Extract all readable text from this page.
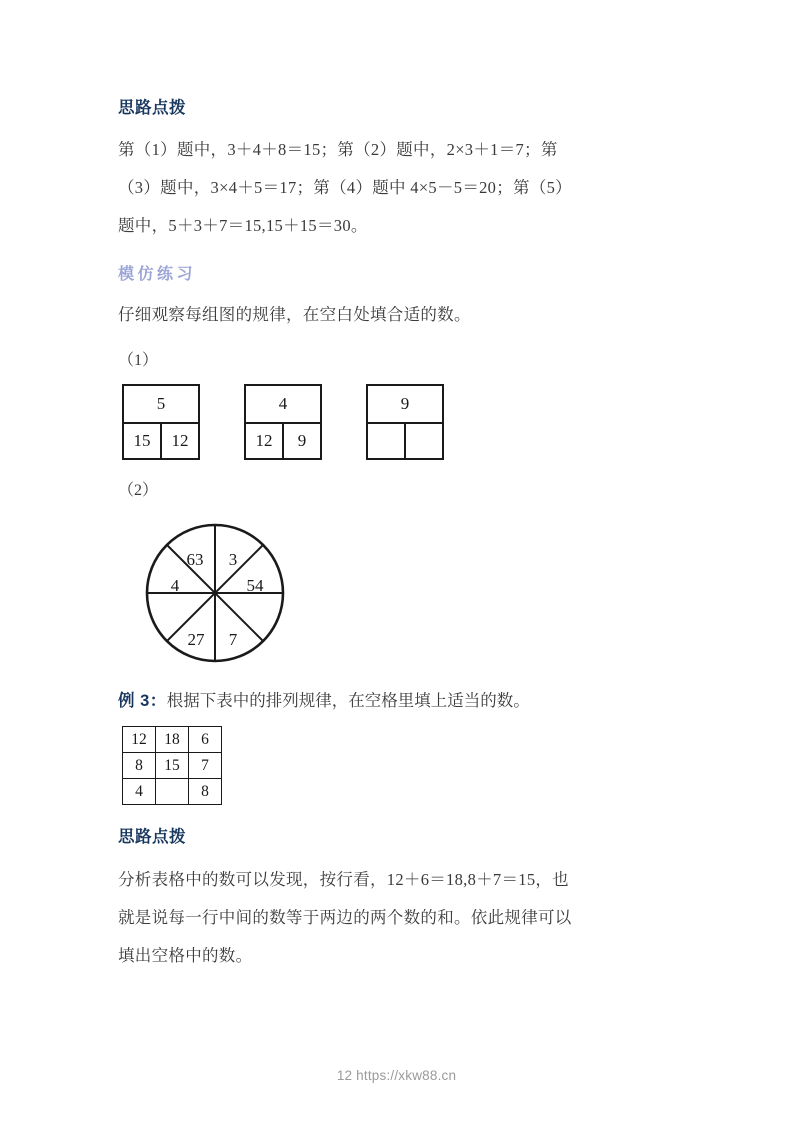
思路点拨

第（1）题中，3＋4＋8＝15；第（2）题中，2×3＋1＝7；第
（3）题中，3×4＋5＝17；第（4）题中 4×5－5＝20；第（5）
题中，5＋3＋7＝15,15＋15＝30。

模仿练习

仔细观察每组图的规律，在空白处填合适的数。

（1）

5
15	12
4
12	9
9

（2）

63 3
4	54
27 7

例 3：根据下表中的排列规律，在空格里填上适当的数。

12	18	6
8	15	7
4		8
思路点拨

分析表格中的数可以发现，按行看，12＋6＝18,8＋7＝15，也
就是说每一行中间的数等于两边的两个数的和。依此规律可以
填出空格中的数。

12 https://xkw88.cn
